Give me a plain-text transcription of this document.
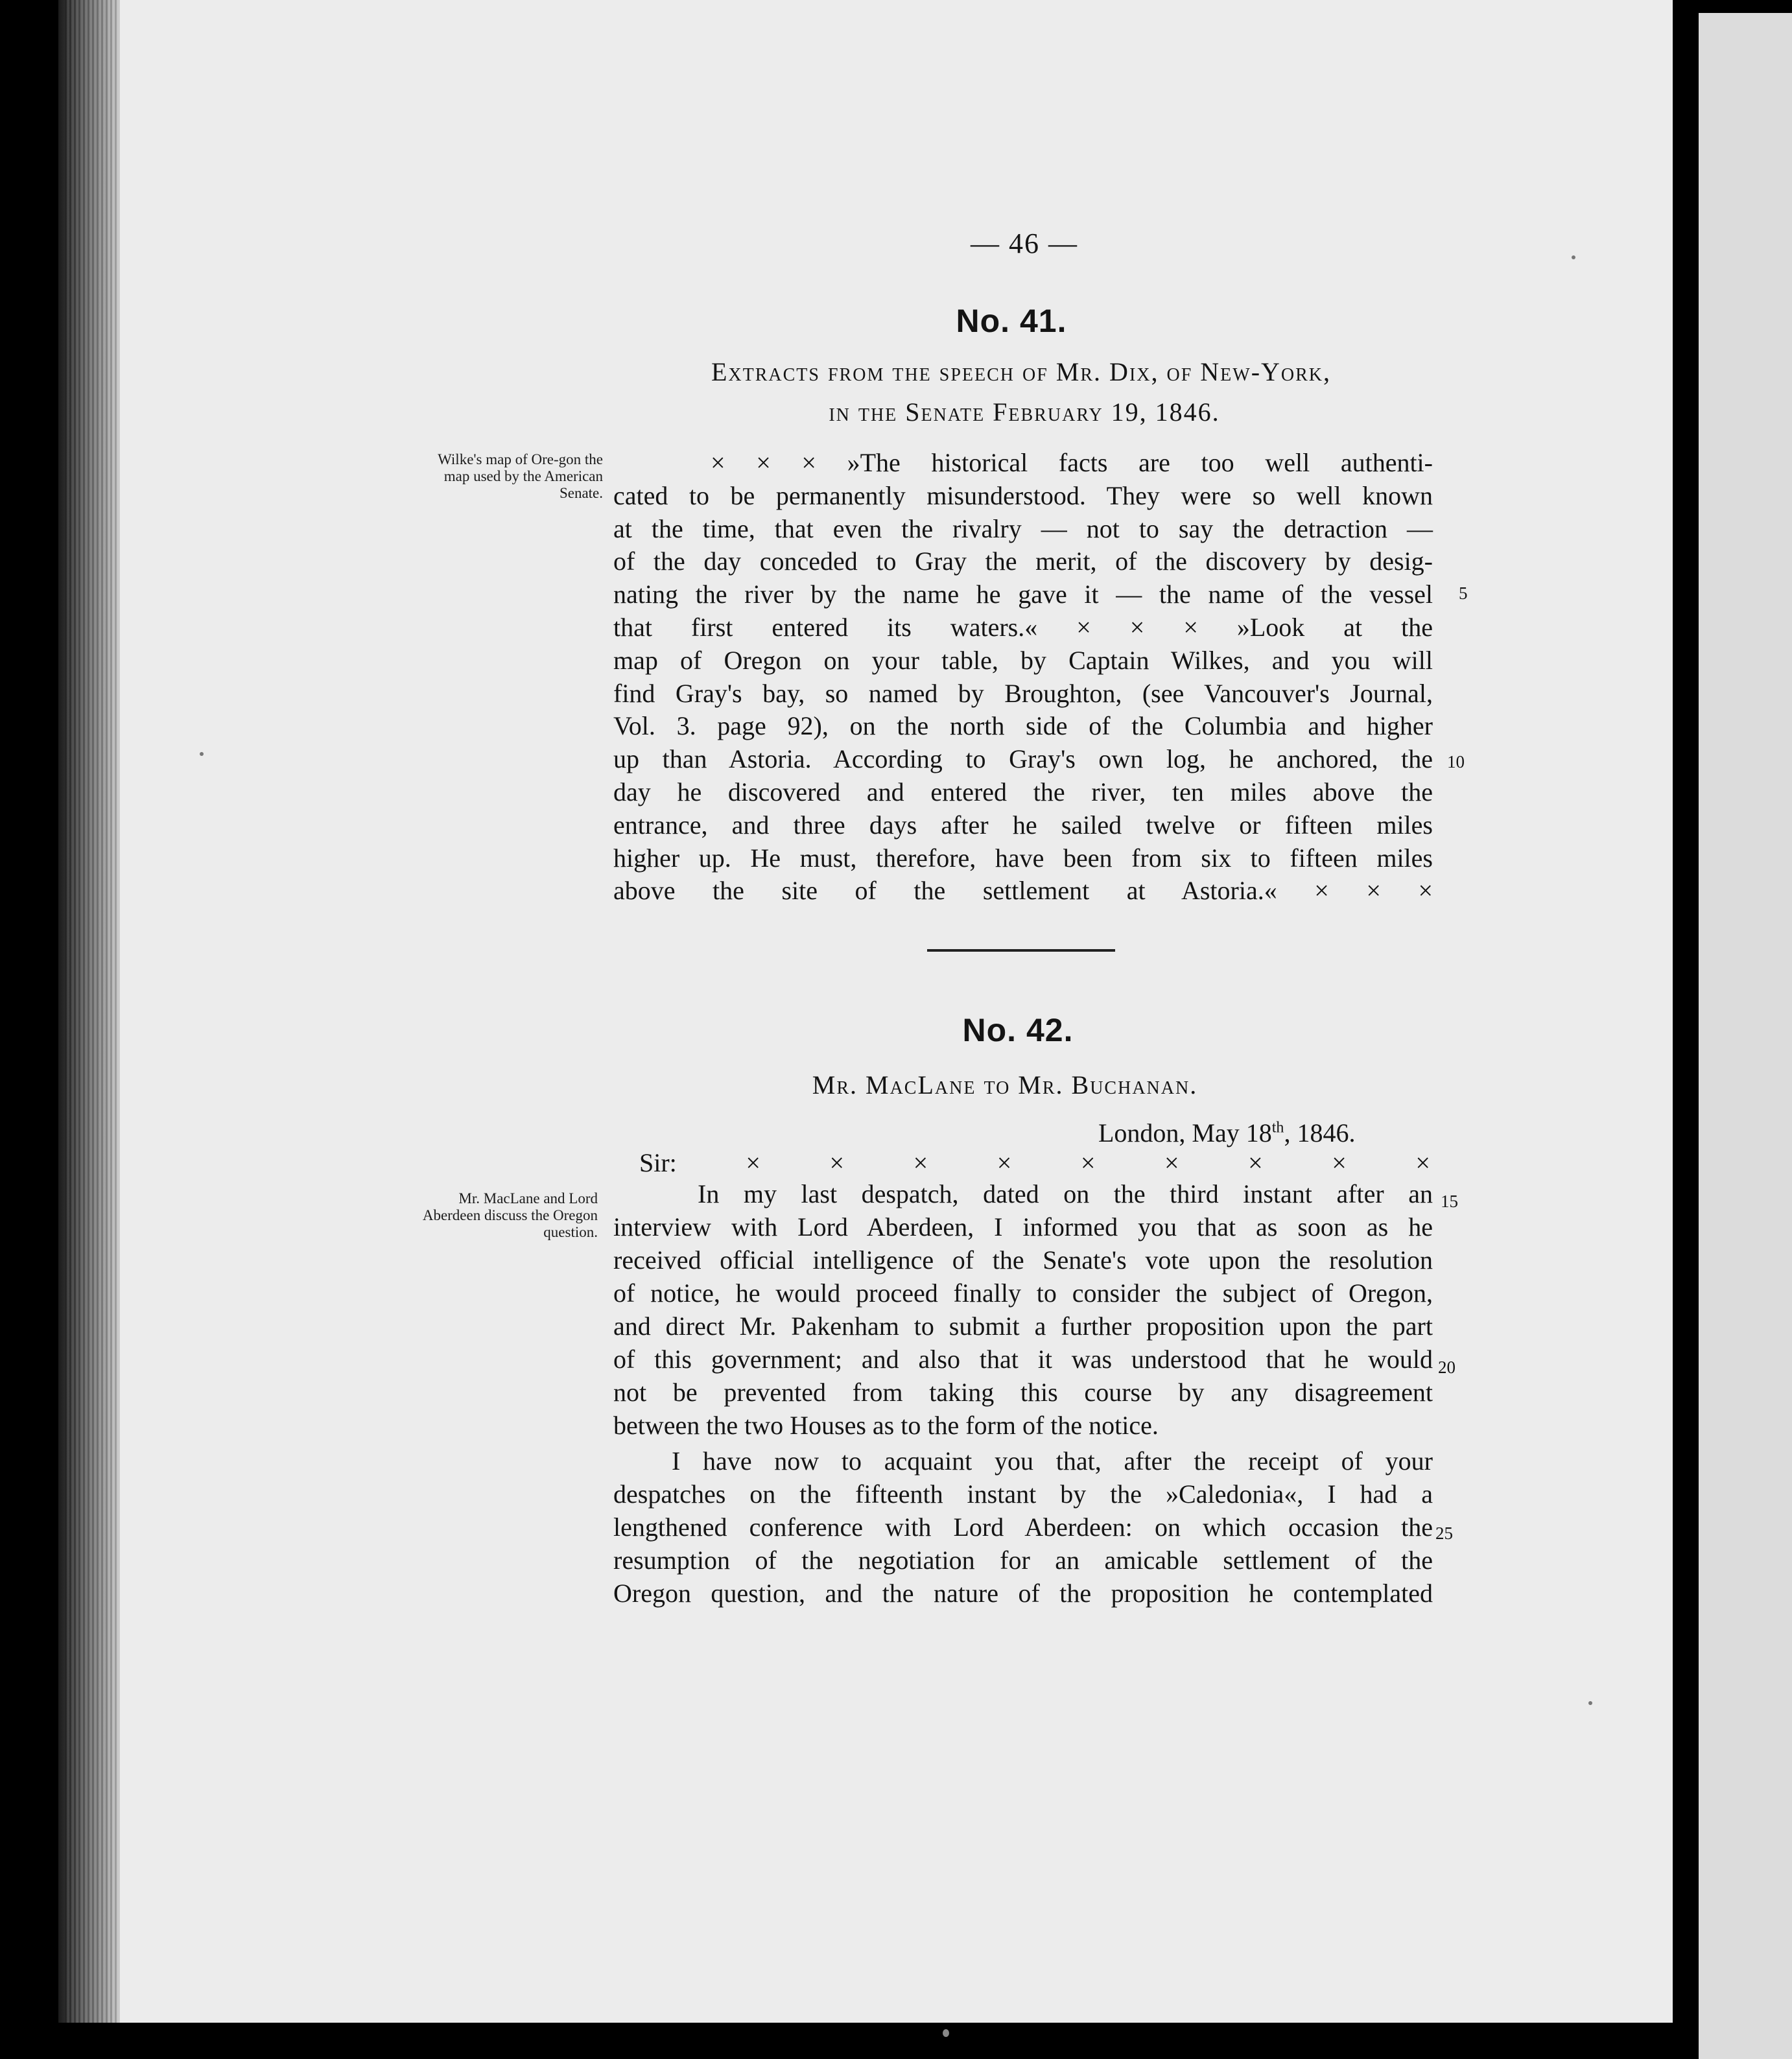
— 46 —
No. 41.
Extracts from the speech of Mr. Dix, of New-York,
in the Senate February 19, 1846.
Wilke's map of Ore-gon the map used by the American Senate.
× × × »The historical facts are too well authenti-
cated to be permanently misunderstood. They were so well known
at the time, that even the rivalry — not to say the detraction —
of the day conceded to Gray the merit, of the discovery by desig-
nating the river by the name he gave it — the name of the vessel
that first entered its waters.« × × × »Look at the
map of Oregon on your table, by Captain Wilkes, and you will
find Gray's bay, so named by Broughton, (see Vancouver's Journal,
Vol. 3. page 92), on the north side of the Columbia and higher
up than Astoria. According to Gray's own log, he anchored, the
day he discovered and entered the river, ten miles above the
entrance, and three days after he sailed twelve or fifteen miles
higher up. He must, therefore, have been from six to fifteen miles
above the site of the settlement at Astoria.« × × ×
5
10
No. 42.
Mr. MacLane to Mr. Buchanan.
London, May 18th, 1846.
Sir: × × × × × × × × ×
Mr. MacLane and Lord Aberdeen discuss the Oregon question.
In my last despatch, dated on the third instant after an
interview with Lord Aberdeen, I informed you that as soon as he
received official intelligence of the Senate's vote upon the resolution
of notice, he would proceed finally to consider the subject of Oregon,
and direct Mr. Pakenham to submit a further proposition upon the part
of this government; and also that it was understood that he would
not be prevented from taking this course by any disagreement
between the two Houses as to the form of the notice.
I have now to acquaint you that, after the receipt of your
despatches on the fifteenth instant by the »Caledonia«, I had a
lengthened conference with Lord Aberdeen: on which occasion the
resumption of the negotiation for an amicable settlement of the
Oregon question, and the nature of the proposition he contemplated
15
20
25
